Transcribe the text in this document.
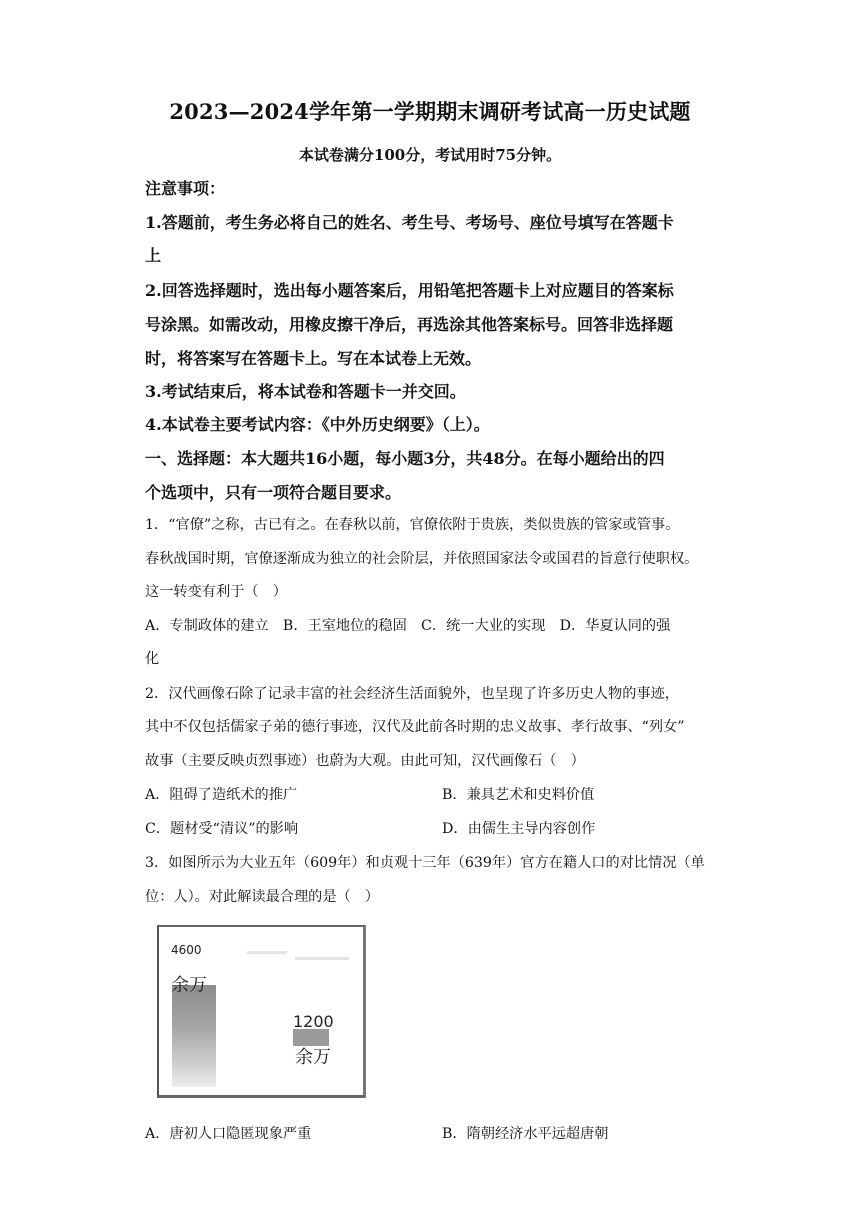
2023—2024学年第一学期期末调研考试高一历史试题
本试卷满分100分，考试用时75分钟。
注意事项：
1.答题前，考生务必将自己的姓名、考生号、考场号、座位号填写在答题卡
上
2.回答选择题时，选出每小题答案后，用铅笔把答题卡上对应题目的答案标
号涂黑。如需改动，用橡皮擦干净后，再选涂其他答案标号。回答非选择题
时，将答案写在答题卡上。写在本试卷上无效。
3.考试结束后，将本试卷和答题卡一并交回。
4.本试卷主要考试内容：《中外历史纲要》（上）。
一、选择题：本大题共16小题，每小题3分，共48分。在每小题给出的四
个选项中，只有一项符合题目要求。
1．“官僚”之称，古已有之。在春秋以前，官僚依附于贵族，类似贵族的管家或管事。
春秋战国时期，官僚逐渐成为独立的社会阶层，并依照国家法令或国君的旨意行使职权。
这一转变有利于（　）
A．专制政体的建立　B．王室地位的稳固　C．统一大业的实现　D．华夏认同的强
化
2．汉代画像石除了记录丰富的社会经济生活面貌外，也呈现了许多历史人物的事迹，
其中不仅包括儒家子弟的德行事迹，汉代及此前各时期的忠义故事、孝行故事、“列女”
故事（主要反映贞烈事迹）也蔚为大观。由此可知，汉代画像石（　）
A．阻碍了造纸术的推广	B．兼具艺术和史料价值
C．题材受“清议”的影响	D．由儒生主导内容创作
3．如图所示为大业五年（609年）和贞观十三年（639年）官方在籍人口的对比情况（单
位：人）。对此解读最合理的是（　）
4600
余万
1200
余万
A．唐初人口隐匿现象严重	B．隋朝经济水平远超唐朝
